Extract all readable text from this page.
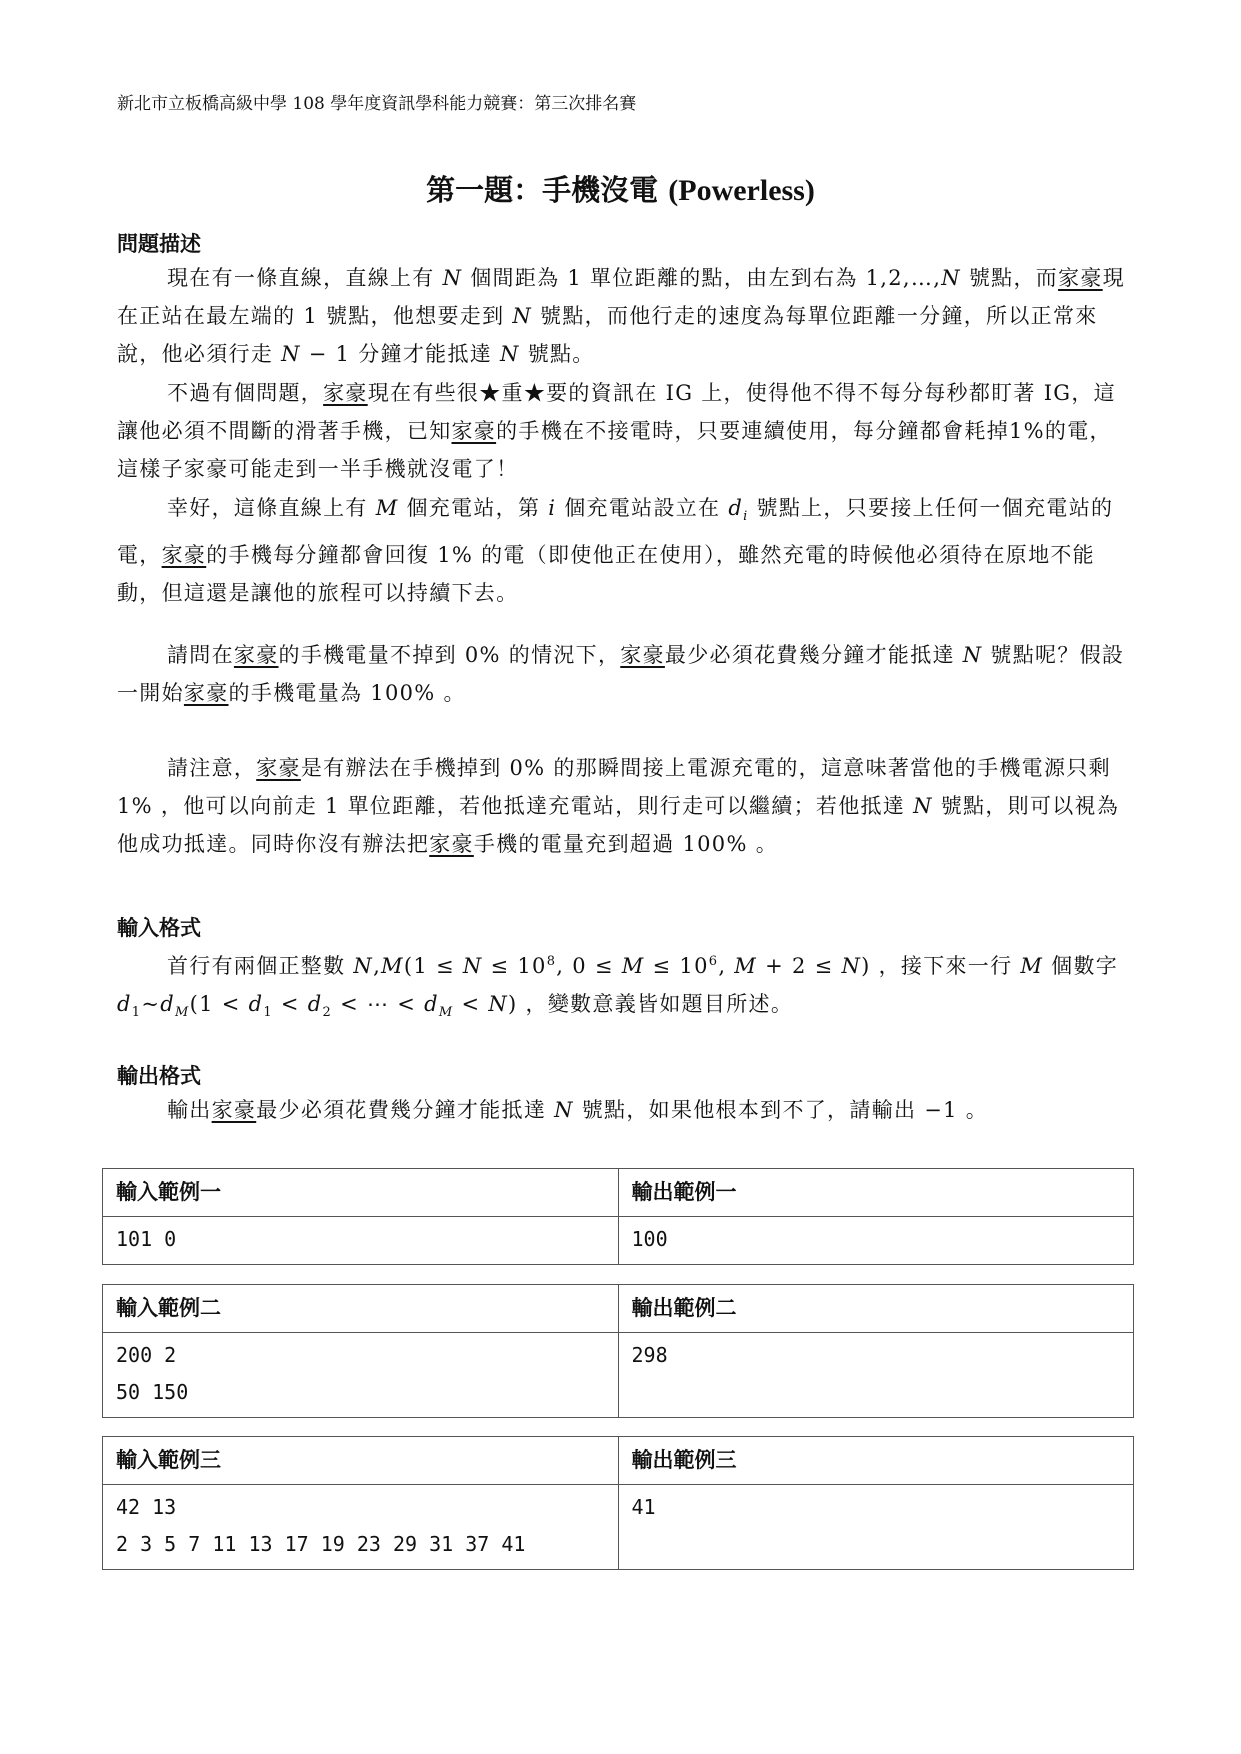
新北市立板橋高級中學 108 學年度資訊學科能力競賽：第三次排名賽
第一題：手機沒電 (Powerless)
問題描述

現在有一條直線，直線上有 N 個間距為 1 單位距離的點，由左到右為 1,2,…,N 號點，而家豪現在正站在最左端的 1 號點，他想要走到 N 號點，而他行走的速度為每單位距離一分鐘，所以正常來說，他必須行走 N − 1 分鐘才能抵達 N 號點。

不過有個問題，家豪現在有些很★重★要的資訊在 IG 上，使得他不得不每分每秒都盯著 IG，這讓他必須不間斷的滑著手機，已知家豪的手機在不接電時，只要連續使用，每分鐘都會耗掉1%的電，這樣子家豪可能走到一半手機就沒電了！

幸好，這條直線上有 M 個充電站，第 i 個充電站設立在 $d_i$ 號點上，只要接上任何一個充電站的電，家豪的手機每分鐘都會回復 1% 的電（即使他正在使用），雖然充電的時候他必須待在原地不能動，但這還是讓他的旅程可以持續下去。

請問在家豪的手機電量不掉到 0% 的情況下，家豪最少必須花費幾分鐘才能抵達 N 號點呢？假設一開始家豪的手機電量為 100% 。

請注意，家豪是有辦法在手機掉到 0% 的那瞬間接上電源充電的，這意味著當他的手機電源只剩 1% ，他可以向前走 1 單位距離，若他抵達充電站，則行走可以繼續；若他抵達 N 號點，則可以視為他成功抵達。同時你沒有辦法把家豪手機的電量充到超過 100% 。

輸入格式

首行有兩個正整數 $N,M(1 \le N \le 10^8$, $0 \le M \le 10^6$, M + 2 ≤ N) ，接下來一行 M 個數字 $d_1\sim d_M(1 < d_1 < d_2$ < ⋯ < $d_M < N$) ，變數意義皆如題目所述。

輸出格式

輸出家豪最少必須花費幾分鐘才能抵達 N 號點，如果他根本到不了，請輸出 −1 。

輸入範例一	輸出範例一
101 0	100
輸入範例二	輸出範例二
200 2
50 150	298
輸入範例三	輸出範例三
42 13
2 3 5 7 11 13 17 19 23 29 31 37 41	41
